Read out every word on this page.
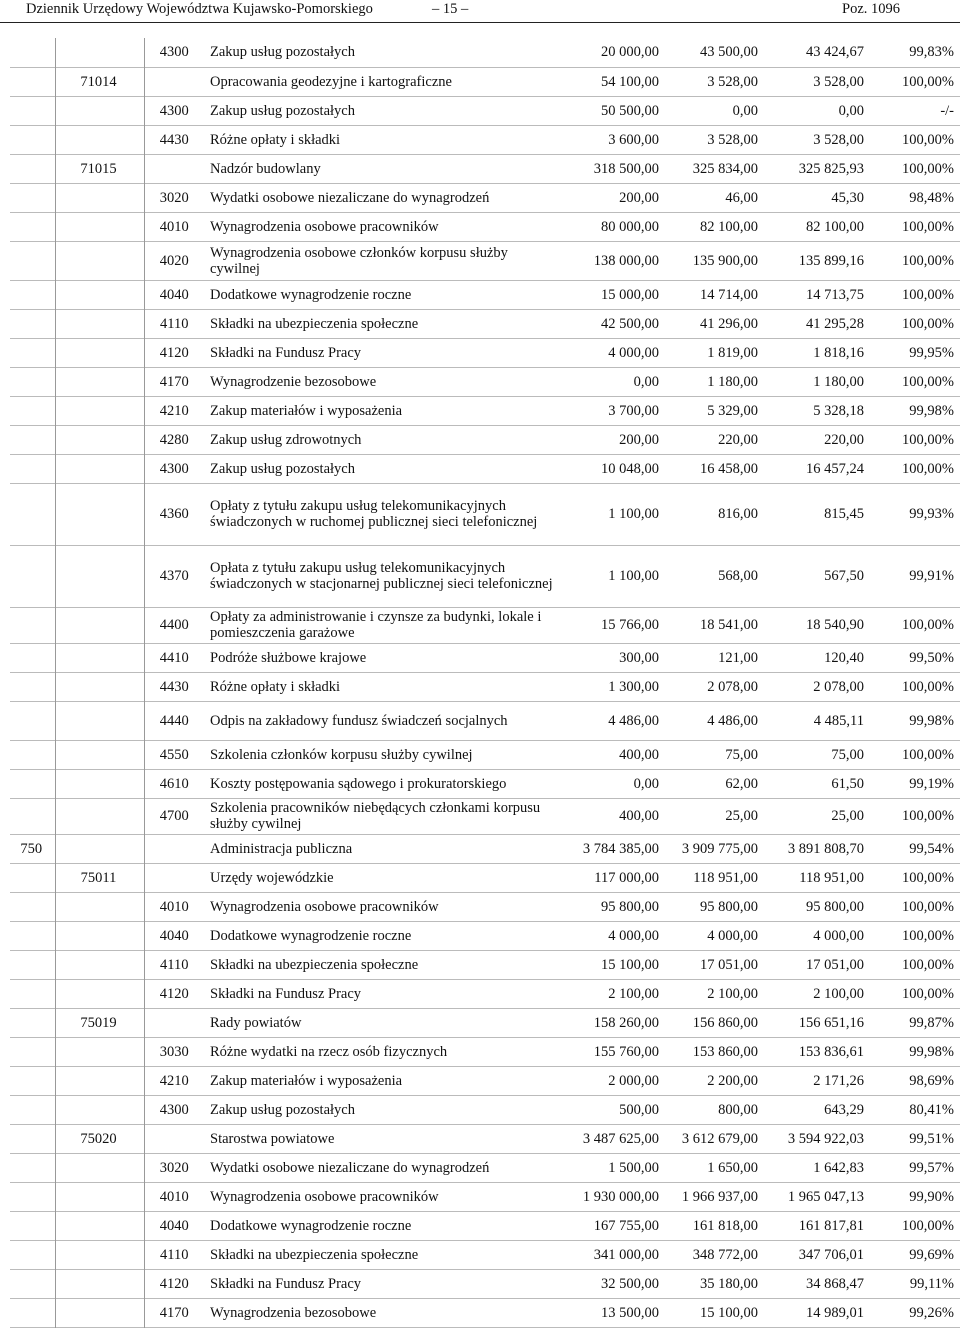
Dziennik Urzędowy Województwa Kujawsko-Pomorskiego	– 15 –	Poz. 1096
		4300	Zakup usług pozostałych	20 000,00	43 500,00	43 424,67	99,83%
	71014		Opracowania geodezyjne i kartograficzne	54 100,00	3 528,00	3 528,00	100,00%
		4300	Zakup usług pozostałych	50 500,00	0,00	0,00	-/-
		4430	Różne opłaty i składki	3 600,00	3 528,00	3 528,00	100,00%
	71015		Nadzór budowlany	318 500,00	325 834,00	325 825,93	100,00%
		3020	Wydatki osobowe niezaliczane do wynagrodzeń	200,00	46,00	45,30	98,48%
		4010	Wynagrodzenia osobowe pracowników	80 000,00	82 100,00	82 100,00	100,00%
		4020	Wynagrodzenia osobowe członków korpusu służby cywilnej	138 000,00	135 900,00	135 899,16	100,00%
		4040	Dodatkowe wynagrodzenie roczne	15 000,00	14 714,00	14 713,75	100,00%
		4110	Składki na ubezpieczenia społeczne	42 500,00	41 296,00	41 295,28	100,00%
		4120	Składki na Fundusz Pracy	4 000,00	1 819,00	1 818,16	99,95%
		4170	Wynagrodzenie bezosobowe	0,00	1 180,00	1 180,00	100,00%
		4210	Zakup materiałów i wyposażenia	3 700,00	5 329,00	5 328,18	99,98%
		4280	Zakup usług zdrowotnych	200,00	220,00	220,00	100,00%
		4300	Zakup usług pozostałych	10 048,00	16 458,00	16 457,24	100,00%
		4360	Opłaty z tytułu zakupu usług telekomunikacyjnych świadczonych w ruchomej publicznej sieci telefonicznej	1 100,00	816,00	815,45	99,93%
		4370	Opłata z tytułu zakupu usług telekomunikacyjnych świadczonych w stacjonarnej publicznej sieci telefonicznej	1 100,00	568,00	567,50	99,91%
		4400	Opłaty za administrowanie i czynsze za budynki, lokale i pomieszczenia garażowe	15 766,00	18 541,00	18 540,90	100,00%
		4410	Podróże służbowe krajowe	300,00	121,00	120,40	99,50%
		4430	Różne opłaty i składki	1 300,00	2 078,00	2 078,00	100,00%
		4440	Odpis na zakładowy fundusz świadczeń socjalnych	4 486,00	4 486,00	4 485,11	99,98%
		4550	Szkolenia członków korpusu służby cywilnej	400,00	75,00	75,00	100,00%
		4610	Koszty postępowania sądowego i prokuratorskiego	0,00	62,00	61,50	99,19%
		4700	Szkolenia pracowników niebędących członkami korpusu służby cywilnej	400,00	25,00	25,00	100,00%
750			Administracja publiczna	3 784 385,00	3 909 775,00	3 891 808,70	99,54%
	75011		Urzędy wojewódzkie	117 000,00	118 951,00	118 951,00	100,00%
		4010	Wynagrodzenia osobowe pracowników	95 800,00	95 800,00	95 800,00	100,00%
		4040	Dodatkowe wynagrodzenie roczne	4 000,00	4 000,00	4 000,00	100,00%
		4110	Składki na ubezpieczenia społeczne	15 100,00	17 051,00	17 051,00	100,00%
		4120	Składki na Fundusz Pracy	2 100,00	2 100,00	2 100,00	100,00%
	75019		Rady powiatów	158 260,00	156 860,00	156 651,16	99,87%
		3030	Różne wydatki na rzecz osób fizycznych	155 760,00	153 860,00	153 836,61	99,98%
		4210	Zakup materiałów i wyposażenia	2 000,00	2 200,00	2 171,26	98,69%
		4300	Zakup usług pozostałych	500,00	800,00	643,29	80,41%
	75020		Starostwa powiatowe	3 487 625,00	3 612 679,00	3 594 922,03	99,51%
		3020	Wydatki osobowe niezaliczane do wynagrodzeń	1 500,00	1 650,00	1 642,83	99,57%
		4010	Wynagrodzenia osobowe pracowników	1 930 000,00	1 966 937,00	1 965 047,13	99,90%
		4040	Dodatkowe wynagrodzenie roczne	167 755,00	161 818,00	161 817,81	100,00%
		4110	Składki na ubezpieczenia społeczne	341 000,00	348 772,00	347 706,01	99,69%
		4120	Składki na Fundusz Pracy	32 500,00	35 180,00	34 868,47	99,11%
		4170	Wynagrodzenia bezosobowe	13 500,00	15 100,00	14 989,01	99,26%
